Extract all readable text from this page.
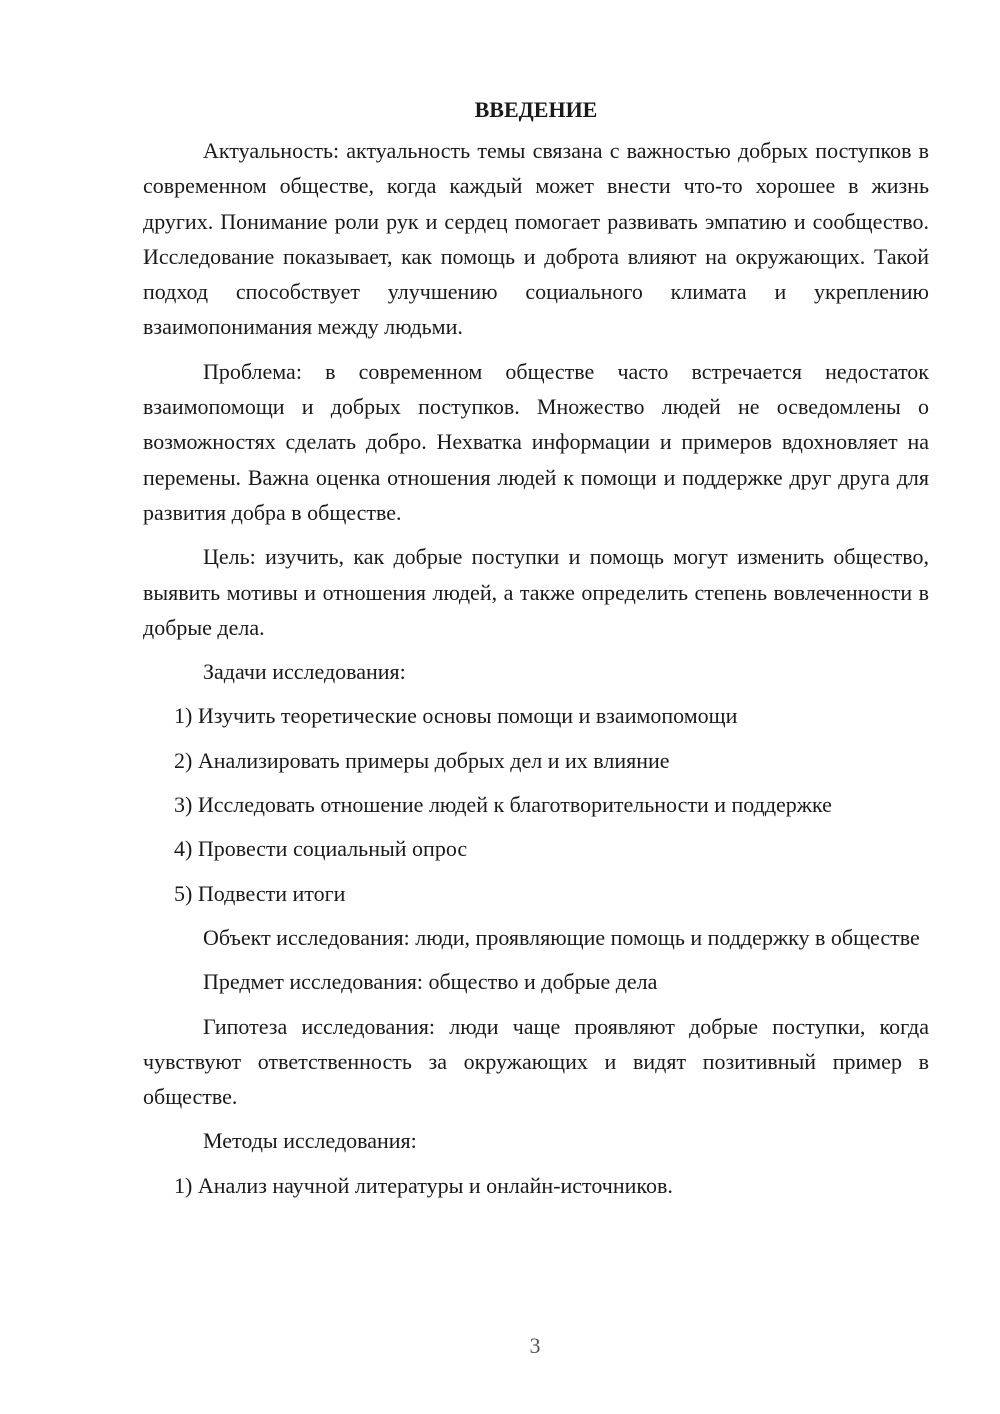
ВВЕДЕНИЕ

Актуальность: актуальность темы связана с важностью добрых поступков в современном обществе, когда каждый может внести что-то хорошее в жизнь других. Понимание роли рук и сердец помогает развивать эмпатию и сообщество. Исследование показывает, как помощь и доброта влияют на окружающих. Такой подход способствует улучшению социального климата и укреплению взаимопонимания между людьми.

Проблема: в современном обществе часто встречается недостаток взаимопомощи и добрых поступков. Множество людей не осведомлены о возможностях сделать добро. Нехватка информации и примеров вдохновляет на перемены. Важна оценка отношения людей к помощи и поддержке друг друга для развития добра в обществе.

Цель: изучить, как добрые поступки и помощь могут изменить общество, выявить мотивы и отношения людей, а также определить степень вовлеченности в добрые дела.

Задачи исследования:

1) Изучить теоретические основы помощи и взаимопомощи

2) Анализировать примеры добрых дел и их влияние

3) Исследовать отношение людей к благотворительности и поддержке

4) Провести социальный опрос

5) Подвести итоги

Объект исследования: люди, проявляющие помощь и поддержку в обществе

Предмет исследования: общество и добрые дела

Гипотеза исследования: люди чаще проявляют добрые поступки, когда чувствуют ответственность за окружающих и видят позитивный пример в обществе.

Методы исследования:

1) Анализ научной литературы и онлайн-источников.

3
